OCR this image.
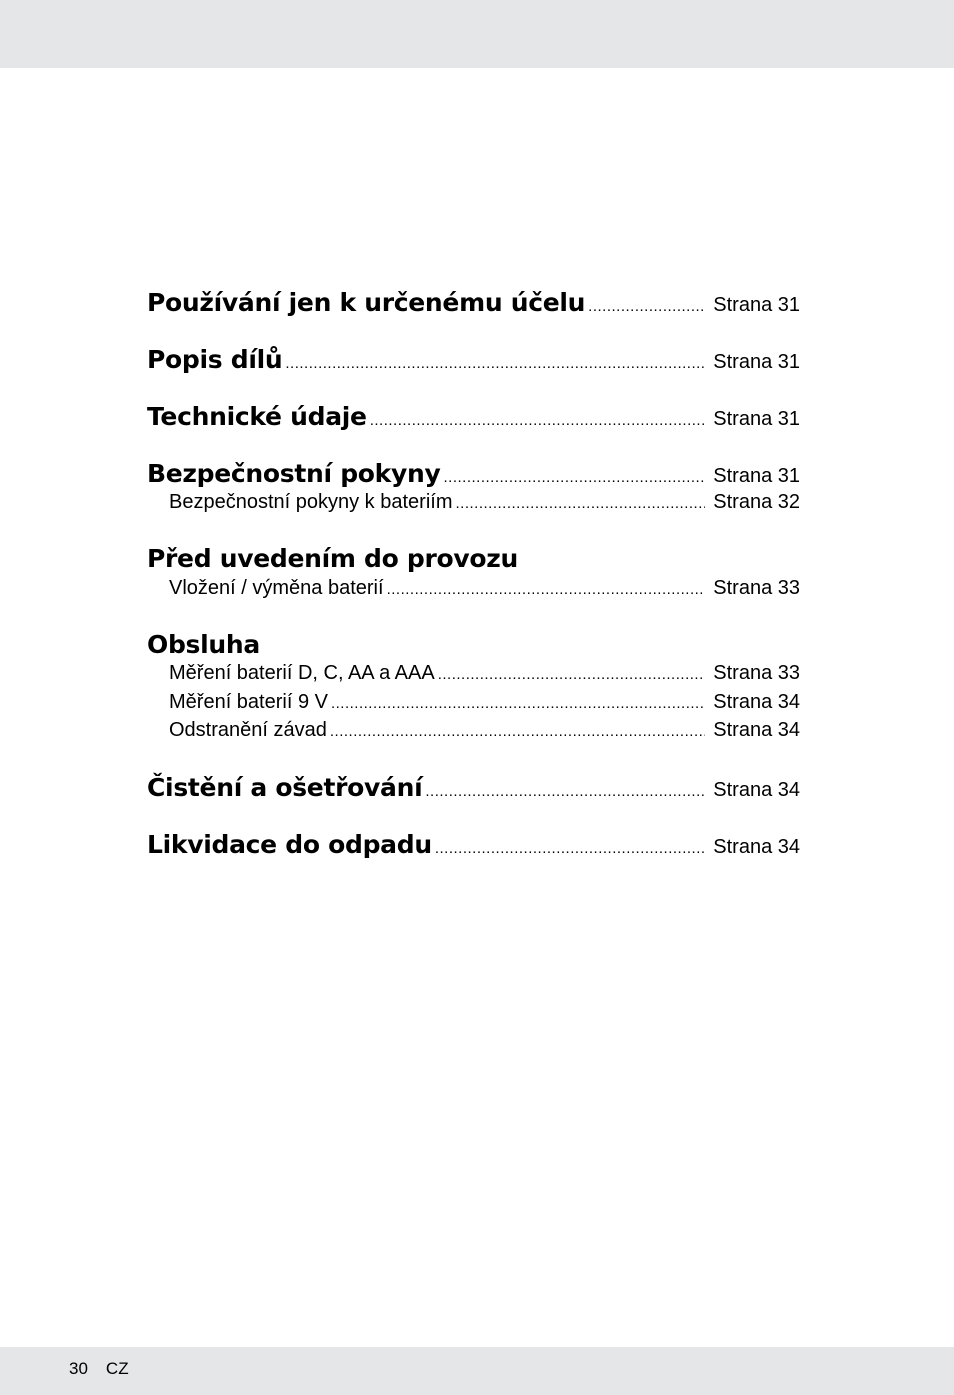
Používání jen k určenému účelu .....	Strana 31
Popis dílů .....	Strana 31
Technické údaje .....	Strana 31
Bezpečnostní pokyny .....	Strana 31
Bezpečnostní pokyny k bateriím .....	Strana 32
Před uvedením do provozu
Vložení / výměna baterií .....	Strana 33
Obsluha
Měření baterií D, C, AA a AAA .....	Strana 33
Měření baterií 9 V .....	Strana 34
Odstranění závad .....	Strana 34
Čistění a ošetřování .....	Strana 34
Likvidace do odpadu .....	Strana 34
30 CZ
